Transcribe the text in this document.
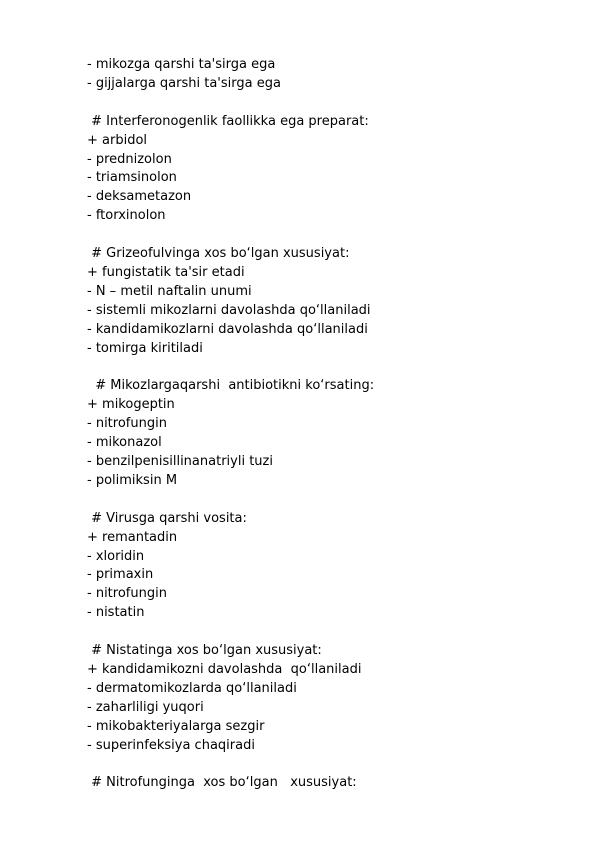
- mikozga qarshi ta'sirga ega
- gijjalarga qarshi ta'sirga ega
# Interferonogenlik faollikka ega preparat:
+ arbidol
- prednizolon
- triamsinolon
- deksametazon
- ftorxinolon
# Grizeofulvinga xos bo‘lgan xususiyat:
+ fungistatik ta'sir etadi
- N – metil naftalin unumi
- sistemli mikozlarni davolashda qo‘llaniladi
- kandidamikozlarni davolashda qo‘llaniladi
- tomirga kiritiladi
# Mikozlargaqarshi  antibiotikni ko‘rsating:
+ mikogeptin
- nitrofungin
- mikonazol
- benzilpenisillinanatriyli tuzi
- polimiksin M
# Virusga qarshi vosita:
+ remantadin
- xloridin
- primaxin
- nitrofungin
- nistatin
# Nistatinga xos bo‘lgan xususiyat:
+ kandidamikozni davolashda  qo‘llaniladi
- dermatomikozlarda qo‘llaniladi
- zaharliligi yuqori
- mikobakteriyalarga sezgir
- superinfeksiya chaqiradi
# Nitrofunginga  xos bo‘lgan   xususiyat:
